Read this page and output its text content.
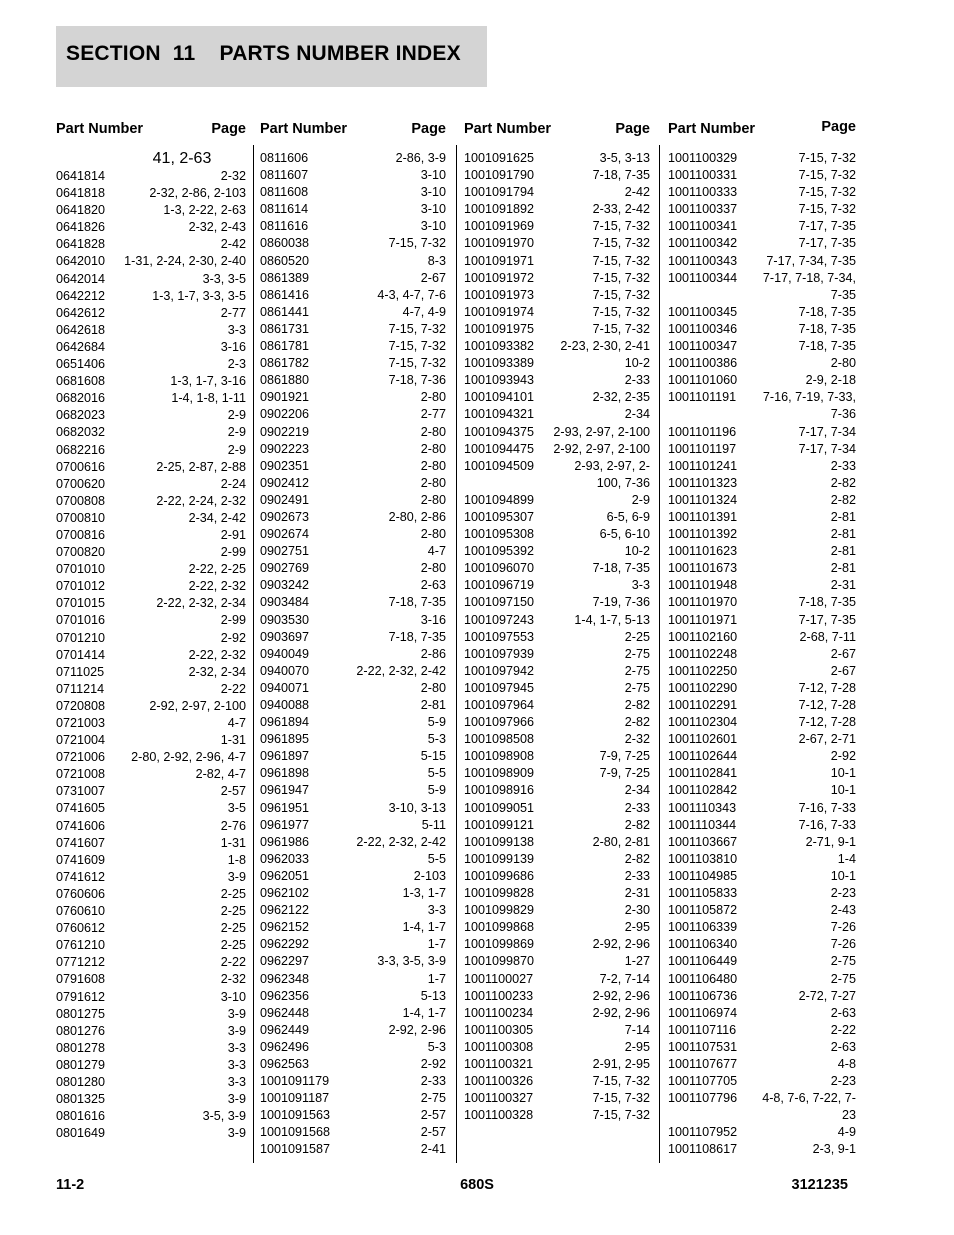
SECTION  11    PARTS NUMBER INDEX
Part Number	Page
41, 2-63
0641814	2-32
0641818	2-32, 2-86, 2-103
0641820	1-3, 2-22, 2-63
0641826	2-32, 2-43
0641828	2-42
0642010	1-31, 2-24, 2-30, 2-40
0642014	3-3, 3-5
0642212	1-3, 1-7, 3-3, 3-5
0642612	2-77
0642618	3-3
0642684	3-16
0651406	2-3
0681608	1-3, 1-7, 3-16
0682016	1-4, 1-8, 1-11
0682023	2-9
0682032	2-9
0682216	2-9
0700616	2-25, 2-87, 2-88
0700620	2-24
0700808	2-22, 2-24, 2-32
0700810	2-34, 2-42
0700816	2-91
0700820	2-99
0701010	2-22, 2-25
0701012	2-22, 2-32
0701015	2-22, 2-32, 2-34
0701016	2-99
0701210	2-92
0701414	2-22, 2-32
0711025	2-32, 2-34
0711214	2-22
0720808	2-92, 2-97, 2-100
0721003	4-7
0721004	1-31
0721006	2-80, 2-92, 2-96, 4-7
0721008	2-82, 4-7
0731007	2-57
0741605	3-5
0741606	2-76
0741607	1-31
0741609	1-8
0741612	3-9
0760606	2-25
0760610	2-25
0760612	2-25
0761210	2-25
0771212	2-22
0791608	2-32
0791612	3-10
0801275	3-9
0801276	3-9
0801278	3-3
0801279	3-3
0801280	3-3
0801325	3-9
0801616	3-5, 3-9
0801649	3-9
Part Number	Page
0811606	2-86, 3-9
0811607	3-10
0811608	3-10
0811614	3-10
0811616	3-10
0860038	7-15, 7-32
0860520	8-3
0861389	2-67
0861416	4-3, 4-7, 7-6
0861441	4-7, 4-9
0861731	7-15, 7-32
0861781	7-15, 7-32
0861782	7-15, 7-32
0861880	7-18, 7-36
0901921	2-80
0902206	2-77
0902219	2-80
0902223	2-80
0902351	2-80
0902412	2-80
0902491	2-80
0902673	2-80, 2-86
0902674	2-80
0902751	4-7
0902769	2-80
0903242	2-63
0903484	7-18, 7-35
0903530	3-16
0903697	7-18, 7-35
0940049	2-86
0940070	2-22, 2-32, 2-42
0940071	2-80
0940088	2-81
0961894	5-9
0961895	5-3
0961897	5-15
0961898	5-5
0961947	5-9
0961951	3-10, 3-13
0961977	5-11
0961986	2-22, 2-32, 2-42
0962033	5-5
0962051	2-103
0962102	1-3, 1-7
0962122	3-3
0962152	1-4, 1-7
0962292	1-7
0962297	3-3, 3-5, 3-9
0962348	1-7
0962356	5-13
0962448	1-4, 1-7
0962449	2-92, 2-96
0962496	5-3
0962563	2-92
1001091179	2-33
1001091187	2-75
1001091563	2-57
1001091568	2-57
1001091587	2-41
Part Number	Page
1001091625	3-5, 3-13
1001091790	7-18, 7-35
1001091794	2-42
1001091892	2-33, 2-42
1001091969	7-15, 7-32
1001091970	7-15, 7-32
1001091971	7-15, 7-32
1001091972	7-15, 7-32
1001091973	7-15, 7-32
1001091974	7-15, 7-32
1001091975	7-15, 7-32
1001093382	2-23, 2-30, 2-41
1001093389	10-2
1001093943	2-33
1001094101	2-32, 2-35
1001094321	2-34
1001094375 2-93, 2-97, 2-100
1001094475 2-92, 2-97, 2-100
1001094509	2-93, 2-97, 2-100, 7-36
1001094899	2-9
1001095307	6-5, 6-9
1001095308	6-5, 6-10
1001095392	10-2
1001096070	7-18, 7-35
1001096719	3-3
1001097150	7-19, 7-36
1001097243	1-4, 1-7, 5-13
1001097553	2-25
1001097939	2-75
1001097942	2-75
1001097945	2-75
1001097964	2-82
1001097966	2-82
1001098508	2-32
1001098908	7-9, 7-25
1001098909	7-9, 7-25
1001098916	2-34
1001099051	2-33
1001099121	2-82
1001099138	2-80, 2-81
1001099139	2-82
1001099686	2-33
1001099828	2-31
1001099829	2-30
1001099868	2-95
1001099869	2-92, 2-96
1001099870	1-27
1001100027	7-2, 7-14
1001100233	2-92, 2-96
1001100234	2-92, 2-96
1001100305	7-14
1001100308	2-95
1001100321	2-91, 2-95
1001100326	7-15, 7-32
1001100327	7-15, 7-32
1001100328	7-15, 7-32
Part Number	Page
1001100329	7-15, 7-32
1001100331	7-15, 7-32
1001100333	7-15, 7-32
1001100337	7-15, 7-32
1001100341	7-17, 7-35
1001100342	7-17, 7-35
1001100343	7-17, 7-34, 7-35
1001100344	7-17, 7-18, 7-34, 7-35
1001100345	7-18, 7-35
1001100346	7-18, 7-35
1001100347	7-18, 7-35
1001100386	2-80
1001101060	2-9, 2-18
1001101191	7-16, 7-19, 7-33, 7-36
1001101196	7-17, 7-34
1001101197	7-17, 7-34
1001101241	2-33
1001101323	2-82
1001101324	2-82
1001101391	2-81
1001101392	2-81
1001101623	2-81
1001101673	2-81
1001101948	2-31
1001101970	7-18, 7-35
1001101971	7-17, 7-35
1001102160	2-68, 7-11
1001102248	2-67
1001102250	2-67
1001102290	7-12, 7-28
1001102291	7-12, 7-28
1001102304	7-12, 7-28
1001102601	2-67, 2-71
1001102644	2-92
1001102841	10-1
1001102842	10-1
1001110343	7-16, 7-33
1001110344	7-16, 7-33
1001103667	2-71, 9-1
1001103810	1-4
1001104985	10-1
1001105833	2-23
1001105872	2-43
1001106339	7-26
1001106340	7-26
1001106449	2-75
1001106480	2-75
1001106736	2-72, 7-27
1001106974	2-63
1001107116	2-22
1001107531	2-63
1001107677	4-8
1001107705	2-23
1001107796	4-8, 7-6, 7-22, 7-23
1001107952	4-9
1001108617	2-3, 9-1
11-2	680S	3121235
